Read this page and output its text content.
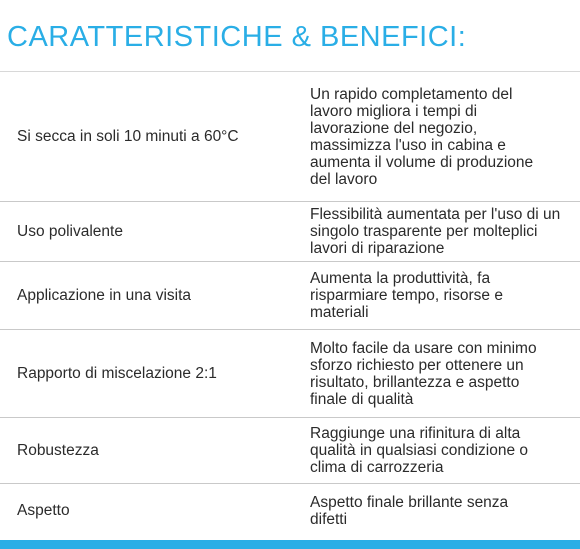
CARATTERISTICHE & BENEFICI:
Si secca in soli 10 minuti a 60°C
Un rapido completamento del lavoro migliora i tempi di lavorazione del negozio, massimizza l'uso in cabina e aumenta il volume di produzione del lavoro
Uso polivalente
Flessibilità aumentata per l'uso di un singolo trasparente per molteplici lavori di riparazione
Applicazione in una visita
Aumenta la produttività, fa risparmiare tempo, risorse e materiali
Rapporto di miscelazione 2:1
Molto facile da usare con minimo sforzo richiesto per ottenere un risultato, brillantezza e aspetto finale di qualità
Robustezza
Raggiunge una rifinitura di alta qualità in qualsiasi condizione o clima di carrozzeria
Aspetto	Aspetto finale brillante senza difetti
